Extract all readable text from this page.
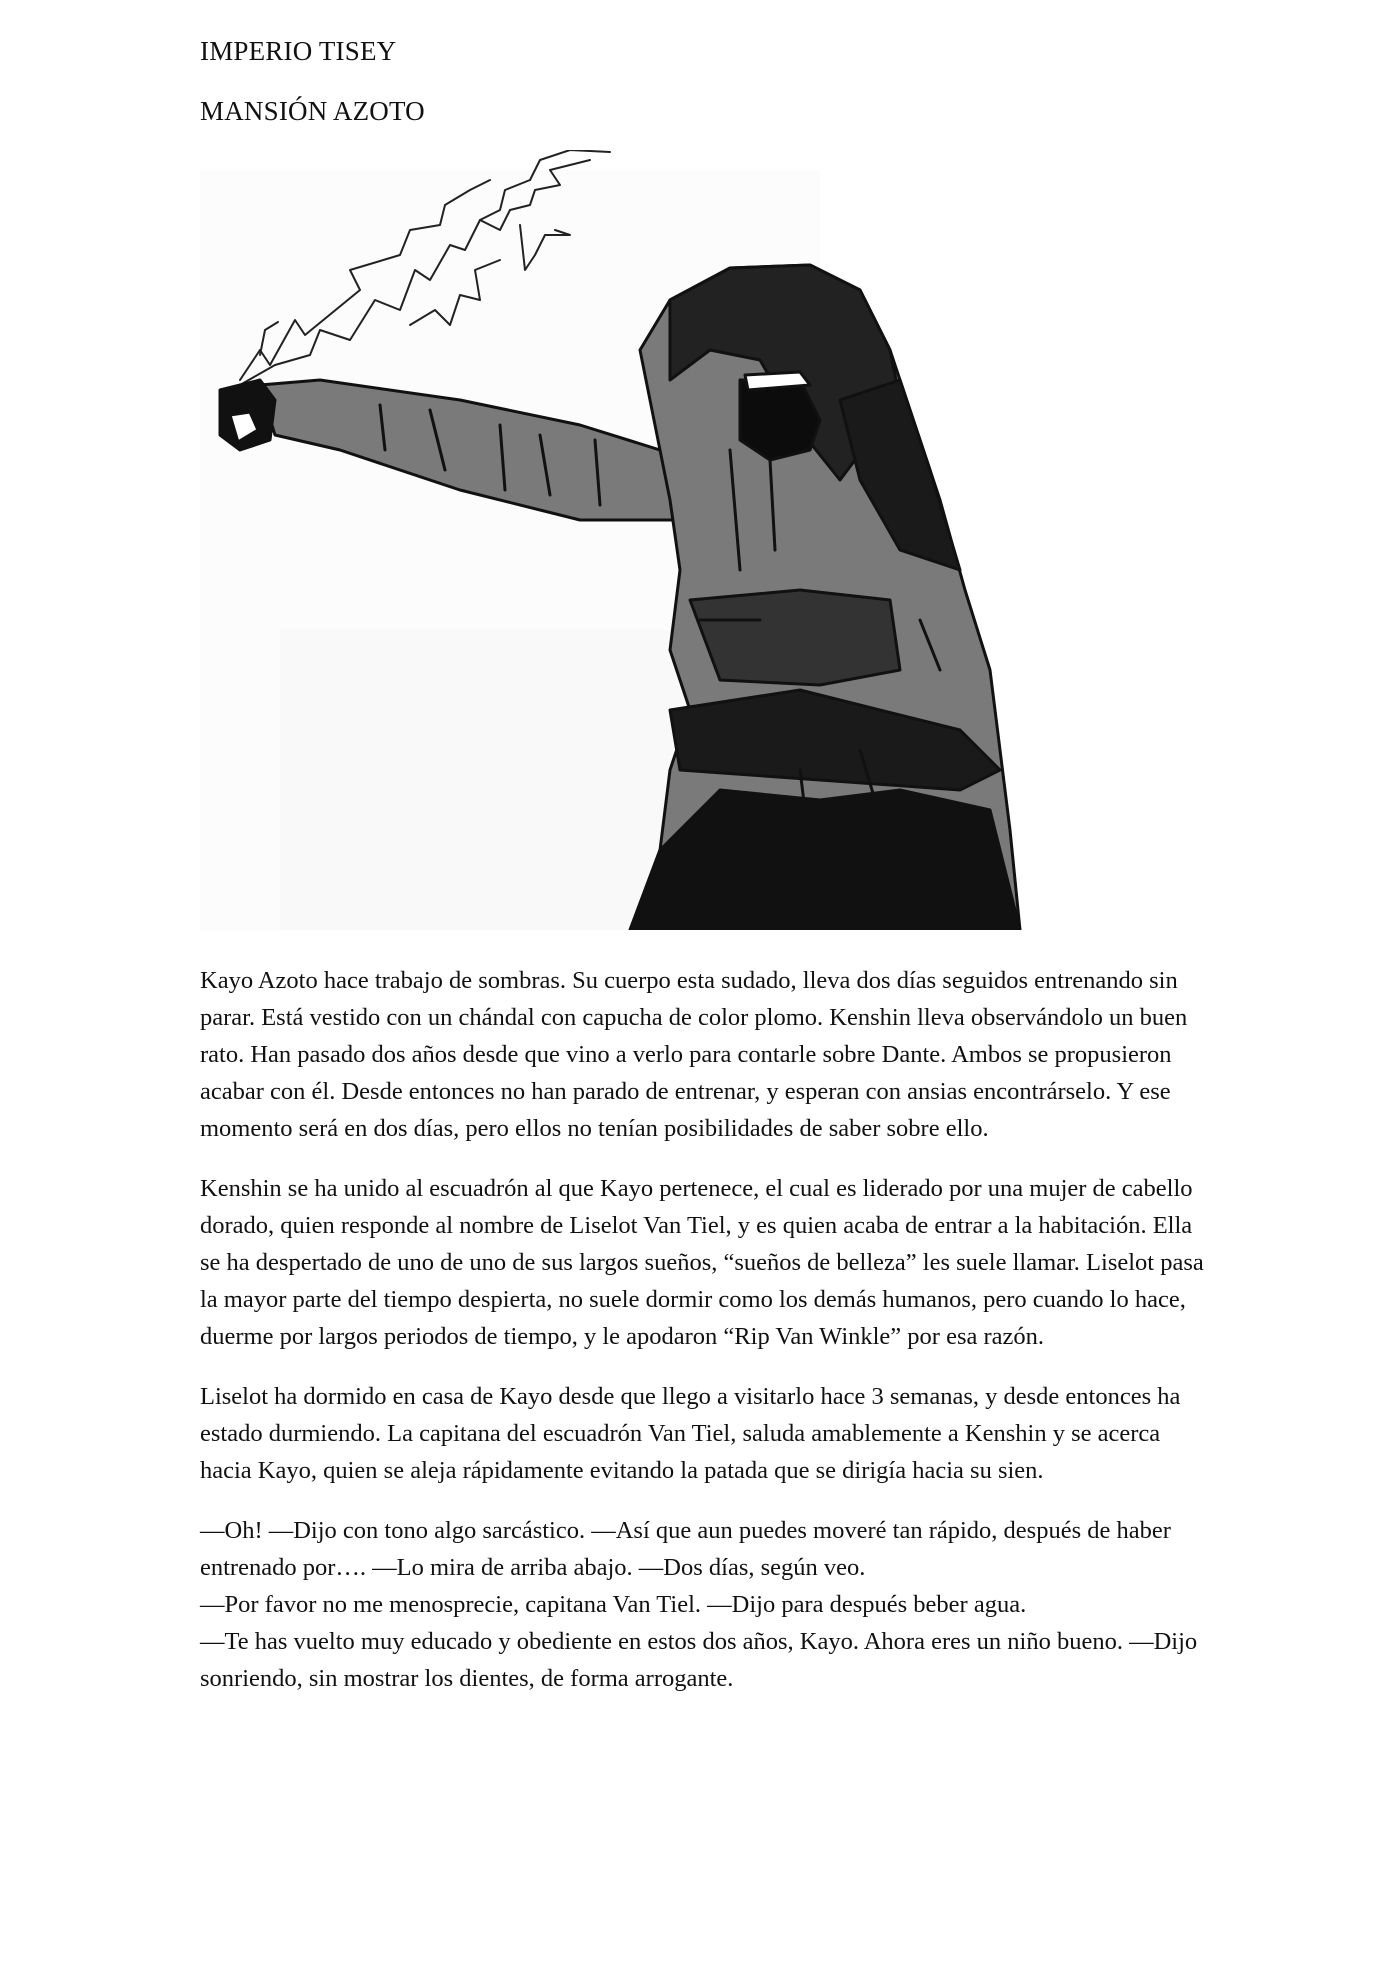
IMPERIO TISEY
MANSIÓN AZOTO

Kayo Azoto hace trabajo de sombras. Su cuerpo esta sudado, lleva dos días seguidos entrenando sin parar. Está vestido con un chándal con capucha de color plomo. Kenshin lleva observándolo un buen rato. Han pasado dos años desde que vino a verlo para contarle sobre Dante. Ambos se propusieron acabar con él. Desde entonces no han parado de entrenar, y esperan con ansias encontrárselo. Y ese momento será en dos días, pero ellos no tenían posibilidades de saber sobre ello.

Kenshin se ha unido al escuadrón al que Kayo pertenece, el cual es liderado por una mujer de cabello dorado, quien responde al nombre de Liselot Van Tiel, y es quien acaba de entrar a la habitación. Ella se ha despertado de uno de uno de sus largos sueños, “sueños de belleza” les suele llamar. Liselot pasa la mayor parte del tiempo despierta, no suele dormir como los demás humanos, pero cuando lo hace, duerme por largos periodos de tiempo, y le apodaron “Rip Van Winkle” por esa razón.

Liselot ha dormido en casa de Kayo desde que llego a visitarlo hace 3 semanas, y desde entonces ha estado durmiendo. La capitana del escuadrón Van Tiel, saluda amablemente a Kenshin y se acerca hacia Kayo, quien se aleja rápidamente evitando la patada que se dirigía hacia su sien.

—Oh! —Dijo con tono algo sarcástico. —Así que aun puedes moveré tan rápido, después de haber entrenado por…. —Lo mira de arriba abajo. —Dos días, según veo.

—Por favor no me menosprecie, capitana Van Tiel. —Dijo para después beber agua.

—Te has vuelto muy educado y obediente en estos dos años, Kayo. Ahora eres un niño bueno. —Dijo sonriendo, sin mostrar los dientes, de forma arrogante.
